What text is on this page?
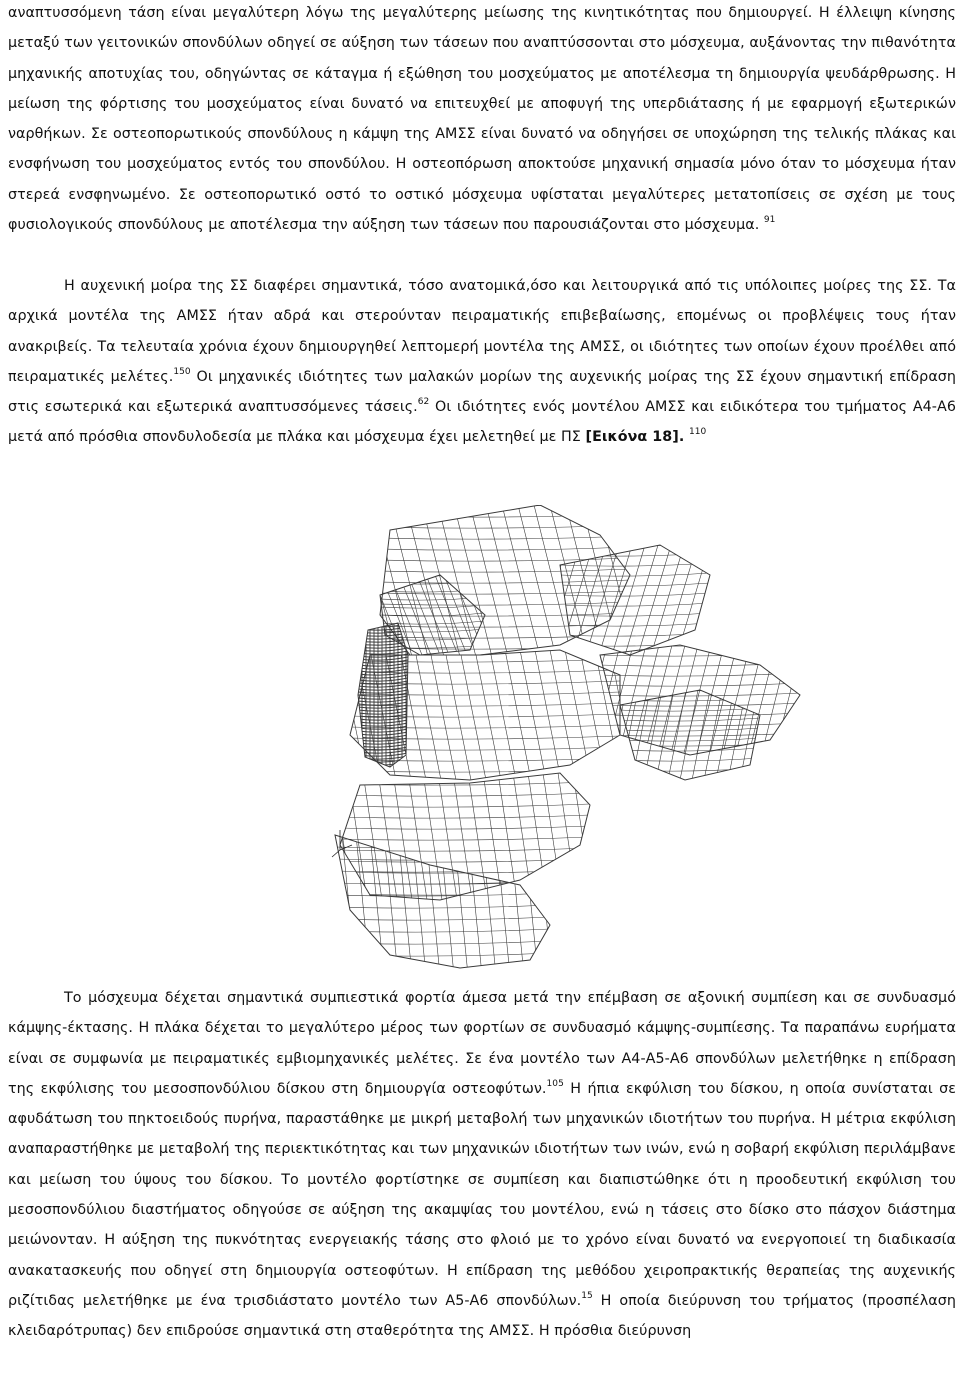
αναπτυσσόμενη τάση είναι μεγαλύτερη λόγω της μεγαλύτερης μείωσης της κινητικότητας που δημιουργεί. Η έλλειψη κίνησης μεταξύ των γειτονικών σπονδύλων οδηγεί σε αύξηση των τάσεων που αναπτύσσονται στο μόσχευμα, αυξάνοντας την πιθανότητα μηχανικής αποτυχίας του, οδηγώντας σε κάταγμα ή εξώθηση του μοσχεύματος με αποτέλεσμα τη δημιουργία ψευδάρθρωσης. Η μείωση της φόρτισης του μοσχεύματος είναι δυνατό να επιτευχθεί με αποφυγή της υπερδιάτασης ή με εφαρμογή εξωτερικών ναρθήκων. Σε οστεοπορωτικούς σπονδύλους η κάμψη της ΑΜΣΣ είναι δυνατό να οδηγήσει σε υποχώρηση της τελικής πλάκας και ενσφήνωση του μοσχεύματος εντός του σπονδύλου. Η οστεοπόρωση αποκτούσε μηχανική σημασία μόνο όταν το μόσχευμα ήταν στερεά ενσφηνωμένο. Σε οστεοπορωτικό οστό το οστικό μόσχευμα υφίσταται μεγαλύτερες μετατοπίσεις σε σχέση με τους φυσιολογικούς σπονδύλους με αποτέλεσμα την αύξηση των τάσεων που παρουσιάζονται στο μόσχευμα. $^{91}$

Η αυχενική μοίρα της ΣΣ διαφέρει σημαντικά, τόσο ανατομικά,όσο και λειτουργικά από τις υπόλοιπες μοίρες της ΣΣ. Τα αρχικά μοντέλα της ΑΜΣΣ ήταν αδρά και στερούνταν πειραματικής επιβεβαίωσης, επομένως οι προβλέψεις τους ήταν ανακριβείς. Τα τελευταία χρόνια έχουν δημιουργηθεί λεπτομερή μοντέλα της ΑΜΣΣ, οι ιδιότητες των οποίων έχουν προέλθει από πειραματικές μελέτες.$^{150}$ Οι μηχανικές ιδιότητες των μαλακών μορίων της αυχενικής μοίρας της ΣΣ έχουν σημαντική επίδραση στις εσωτερικά και εξωτερικά αναπτυσσόμενες τάσεις.$^{62}$ Οι ιδιότητες ενός μοντέλου ΑΜΣΣ και ειδικότερα του τμήματος Α4-Α6 μετά από πρόσθια σπονδυλοδεσία με πλάκα και μόσχευμα έχει μελετηθεί με ΠΣ [Εικόνα 18]. $^{110}$

Το μόσχευμα δέχεται σημαντικά συμπιεστικά φορτία άμεσα μετά την επέμβαση σε αξονική συμπίεση και σε συνδυασμό κάμψης-έκτασης. Η πλάκα δέχεται το μεγαλύτερο μέρος των φορτίων σε συνδυασμό κάμψης-συμπίεσης. Τα παραπάνω ευρήματα είναι σε συμφωνία με πειραματικές εμβιομηχανικές μελέτες. Σε ένα μοντέλο των Α4-Α5-Α6 σπονδύλων μελετήθηκε η επίδραση της εκφύλισης του μεσοσπονδύλιου δίσκου στη δημιουργία οστεοφύτων.$^{105}$ Η ήπια εκφύλιση του δίσκου, η οποία συνίσταται σε αφυδάτωση του πηκτοειδούς πυρήνα, παραστάθηκε με μικρή μεταβολή των μηχανικών ιδιοτήτων του πυρήνα. Η μέτρια εκφύλιση αναπαραστήθηκε με μεταβολή της περιεκτικότητας και των μηχανικών ιδιοτήτων των ινών, ενώ η σοβαρή εκφύλιση περιλάμβανε και μείωση του ύψους του δίσκου. Το μοντέλο φορτίστηκε σε συμπίεση και διαπιστώθηκε ότι η προοδευτική εκφύλιση του μεσοσπονδύλιου διαστήματος οδηγούσε σε αύξηση της ακαμψίας του μοντέλου, ενώ η τάσεις στο δίσκο στο πάσχον διάστημα μειώνονταν. Η αύξηση της πυκνότητας ενεργειακής τάσης στο φλοιό με το χρόνο είναι δυνατό να ενεργοποιεί τη διαδικασία ανακατασκευής που οδηγεί στη δημιουργία οστεοφύτων. Η επίδραση της μεθόδου χειροπρακτικής θεραπείας της αυχενικής ριζίτιδας μελετήθηκε με ένα τρισδιάστατο μοντέλο των Α5-Α6 σπονδύλων.$^{15}$ Η οποία διεύρυνση του τρήματος (προσπέλαση κλειδαρότρυπας) δεν επιδρούσε σημαντικά στη σταθερότητα της ΑΜΣΣ. Η πρόσθια διεύρυνση
